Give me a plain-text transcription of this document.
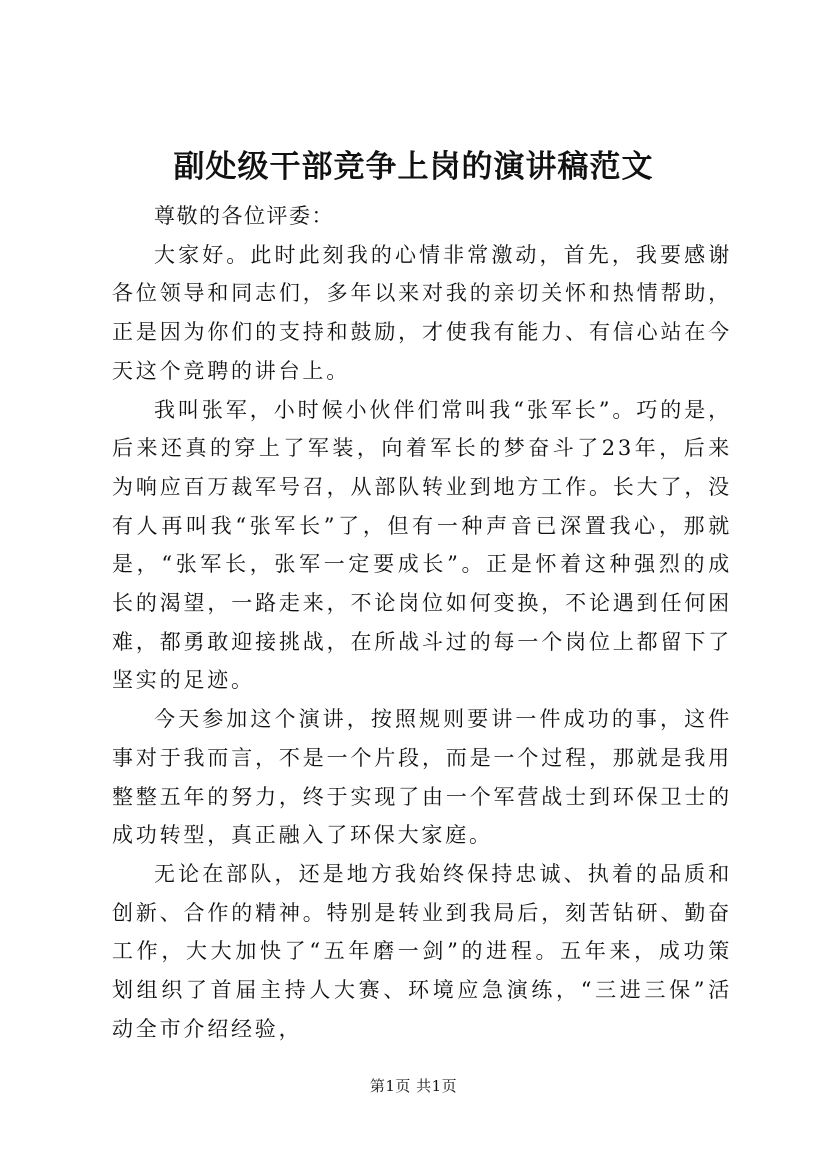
副处级干部竞争上岗的演讲稿范文

尊敬的各位评委：

大家好。此时此刻我的心情非常激动，首先，我要感谢各位领导和同志们，多年以来对我的亲切关怀和热情帮助，正是因为你们的支持和鼓励，才使我有能力、有信心站在今天这个竞聘的讲台上。

我叫张军，小时候小伙伴们常叫我“张军长”。巧的是，后来还真的穿上了军装，向着军长的梦奋斗了23年，后来为响应百万裁军号召，从部队转业到地方工作。长大了，没有人再叫我“张军长”了，但有一种声音已深置我心，那就是，“张军长，张军一定要成长”。正是怀着这种强烈的成长的渴望，一路走来，不论岗位如何变换，不论遇到任何困难，都勇敢迎接挑战，在所战斗过的每一个岗位上都留下了坚实的足迹。

今天参加这个演讲，按照规则要讲一件成功的事，这件事对于我而言，不是一个片段，而是一个过程，那就是我用整整五年的努力，终于实现了由一个军营战士到环保卫士的成功转型，真正融入了环保大家庭。

无论在部队，还是地方我始终保持忠诚、执着的品质和创新、合作的精神。特别是转业到我局后，刻苦钻研、勤奋工作，大大加快了“五年磨一剑”的进程。五年来，成功策划组织了首届主持人大赛、环境应急演练，“三进三保”活动全市介绍经验，

第1页 共1页
